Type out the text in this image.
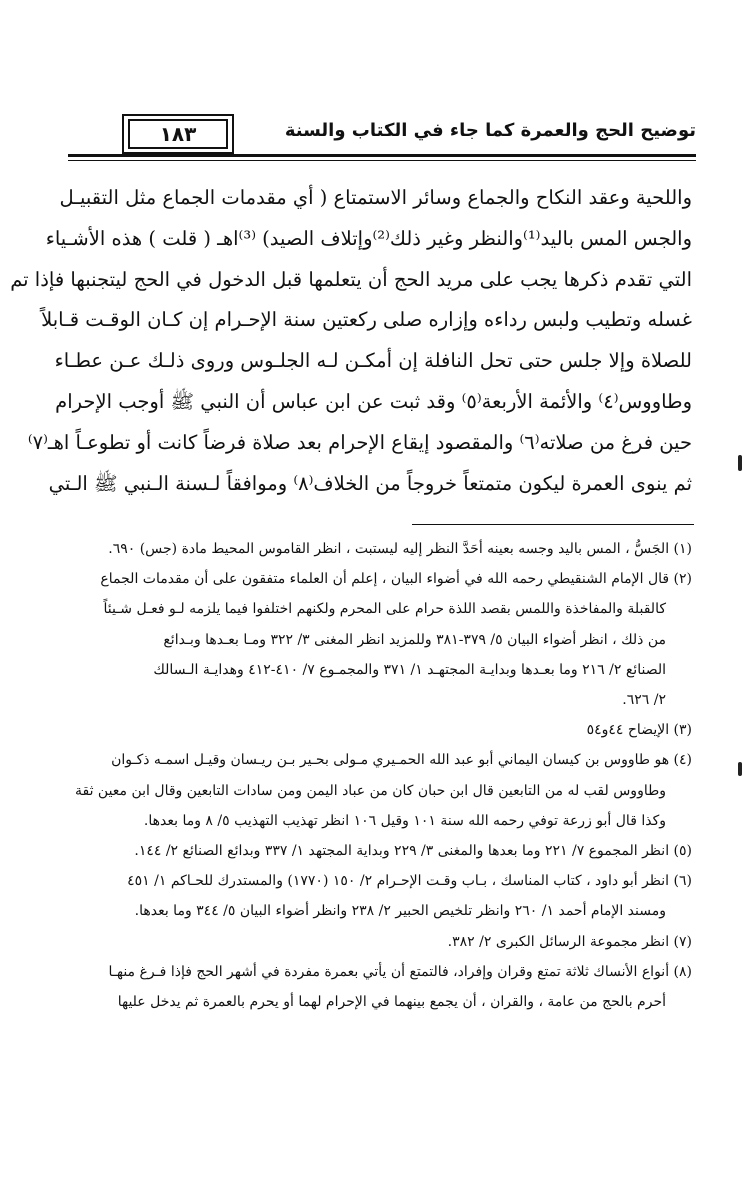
توضيح الحج والعمرة كما جاء في الكتاب والسنة
١٨٣
واللحية وعقد النكاح والجماع وسائر الاستمتاع ( أي مقدمات الجماع مثل التقبيـل
والجس المس باليد⁽¹⁾والنظر وغير ذلك⁽²⁾وإتلاف الصيد) ⁽³⁾اهـ ( قلت ) هذه الأشـياء
التي تقدم ذكرها يجب على مريد الحج أن يتعلمها قبل الدخول في الحج ليتجنبها فإذا تم
غسله وتطيب ولبس رداءه وإزاره صلى ركعتين سنة الإحـرام إن كـان الوقـت قـابلاً
للصلاة وإلا جلس حتى تحل النافلة إن أمكـن لـه الجلـوس وروى ذلـك عـن عطـاء
وطاووس⁽٤⁾ والأئمة الأربعة⁽٥⁾ وقد ثبت عن ابن عباس أن النبي ﷺ أوجب الإحرام
حين فرغ من صلاته⁽٦⁾ والمقصود إيقاع الإحرام بعد صلاة فرضاً كانت أو تطوعـاً اهـ⁽٧⁾
ثم ينوى العمرة ليكون متمتعاً خروجاً من الخلاف⁽٨⁾ وموافقاً لـسنة الـنبي ﷺ الـتي
(١) الجَسُّ ، المس باليد وجسه بعينه أحَدَّ النظر إليه ليستبت ، انظر القاموس المحيط مادة (جس) ٦٩٠.
(٢) قال الإمام الشنقيطي رحمه الله في أضواء البيان ، إعلم أن العلماء متفقون على أن مقدمات الجماع
كالقبلة والمفاخذة واللمس بقصد اللذة حرام على المحرم ولكنهم اختلفوا فيما يلزمه لـو فعـل شـيئاً
من ذلك ، انظر أضواء البيان ٥/ ٣٧٩-٣٨١ وللمزيد انظر المغنى ٣/ ٣٢٢ ومـا بعـدها وبـدائع
الصنائع ٢/ ٢١٦ وما بعـدها وبدايـة المجتهـد ١/ ٣٧١ والمجمـوع ٧/ ٤١٠-٤١٢ وهدايـة الـسالك
٢/ ٦٢٦.
(٣) الإيضاح ٤٤و٥٤
(٤) هو طاووس بن كيسان اليماني أبو عبد الله الحمـيري مـولى بحـير بـن ريـسان وقيـل اسمـه ذكـوان
وطاووس لقب له من التابعين قال ابن حبان كان من عباد اليمن ومن سادات التابعين وقال ابن معين ثقة
وكذا قال أبو زرعة توفي رحمه الله سنة ١٠١ وقيل ١٠٦ انظر تهذيب التهذيب ٥/ ٨ وما بعدها.
(٥) انظر المجموع ٧/ ٢٢١ وما بعدها والمغنى ٣/ ٢٢٩ وبداية المجتهد ١/ ٣٣٧ وبدائع الصنائع ٢/ ١٤٤.
(٦) انظر أبو داود ، كتاب المناسك ، بـاب وقـت الإحـرام ٢/ ١٥٠ (١٧٧٠) والمستدرك للحـاكم ١/ ٤٥١
ومسند الإمام أحمد ١/ ٢٦٠ وانظر تلخيص الحبير ٢/ ٢٣٨ وانظر أضواء البيان ٥/ ٣٤٤ وما بعدها.
(٧) انظر مجموعة الرسائل الكبرى ٢/ ٣٨٢.
(٨) أنواع الأنساك ثلاثة تمتع وقران وإفراد، فالتمتع أن يأتي بعمرة مفردة في أشهر الحج فإذا فـرغ منهـا
أحرم بالحج من عامة ، والقران ، أن يجمع بينهما في الإحرام لهما أو يحرم بالعمرة ثم يدخل عليها
